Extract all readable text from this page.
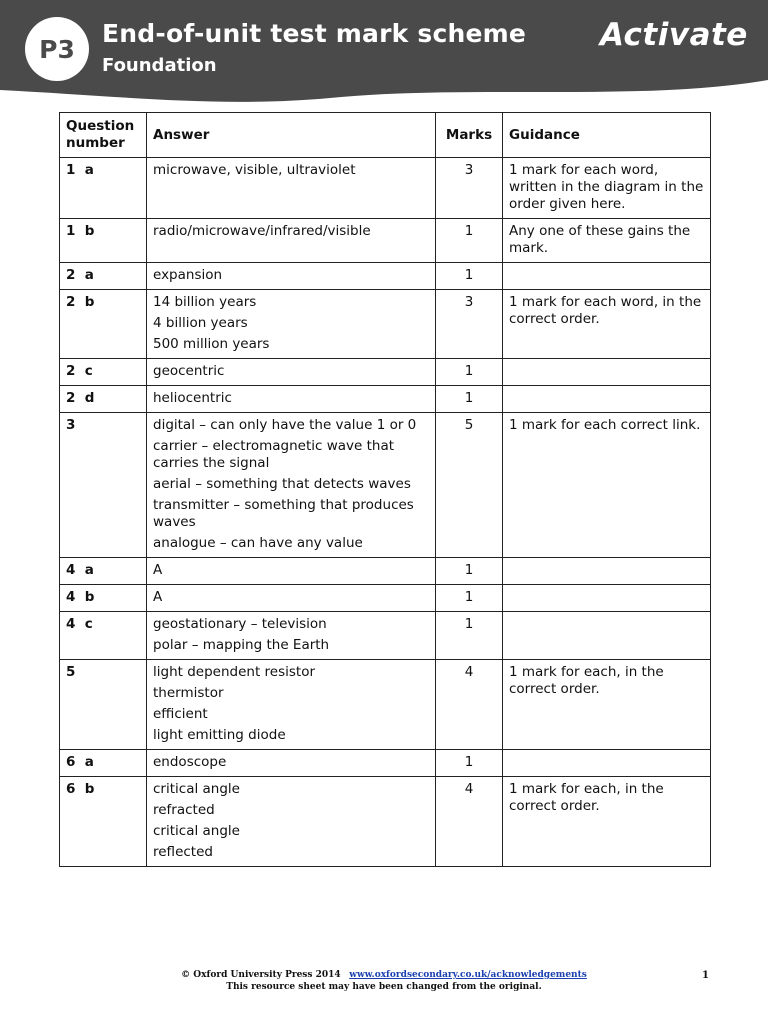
P3
End-of-unit test mark scheme
Foundation
Activate
Question number	Answer	Marks	Guidance
1  a	microwave, visible, ultraviolet	3	1 mark for each word, written in the diagram in the order given here.
1  b	radio/microwave/infrared/visible	1	Any one of these gains the mark.
2  a	expansion	1	
2  b	14 billion years
4 billion years
500 million years	3	1 mark for each word, in the correct order.
2  c	geocentric	1	
2  d	heliocentric	1	
3	digital – can only have the value 1 or 0
carrier – electromagnetic wave that carries the signal
aerial – something that detects waves
transmitter – something that produces waves
analogue – can have any value	5	1 mark for each correct link.
4  a	A	1	
4  b	A	1	
4  c	geostationary – television
polar – mapping the Earth	1	
5	light dependent resistor
thermistor
efficient
light emitting diode	4	1 mark for each, in the correct order.
6  a	endoscope	1	
6  b	critical angle
refracted
critical angle
reflected	4	1 mark for each, in the correct order.
© Oxford University Press 2014 www.oxfordsecondary.co.uk/acknowledgements
This resource sheet may have been changed from the original.
1
